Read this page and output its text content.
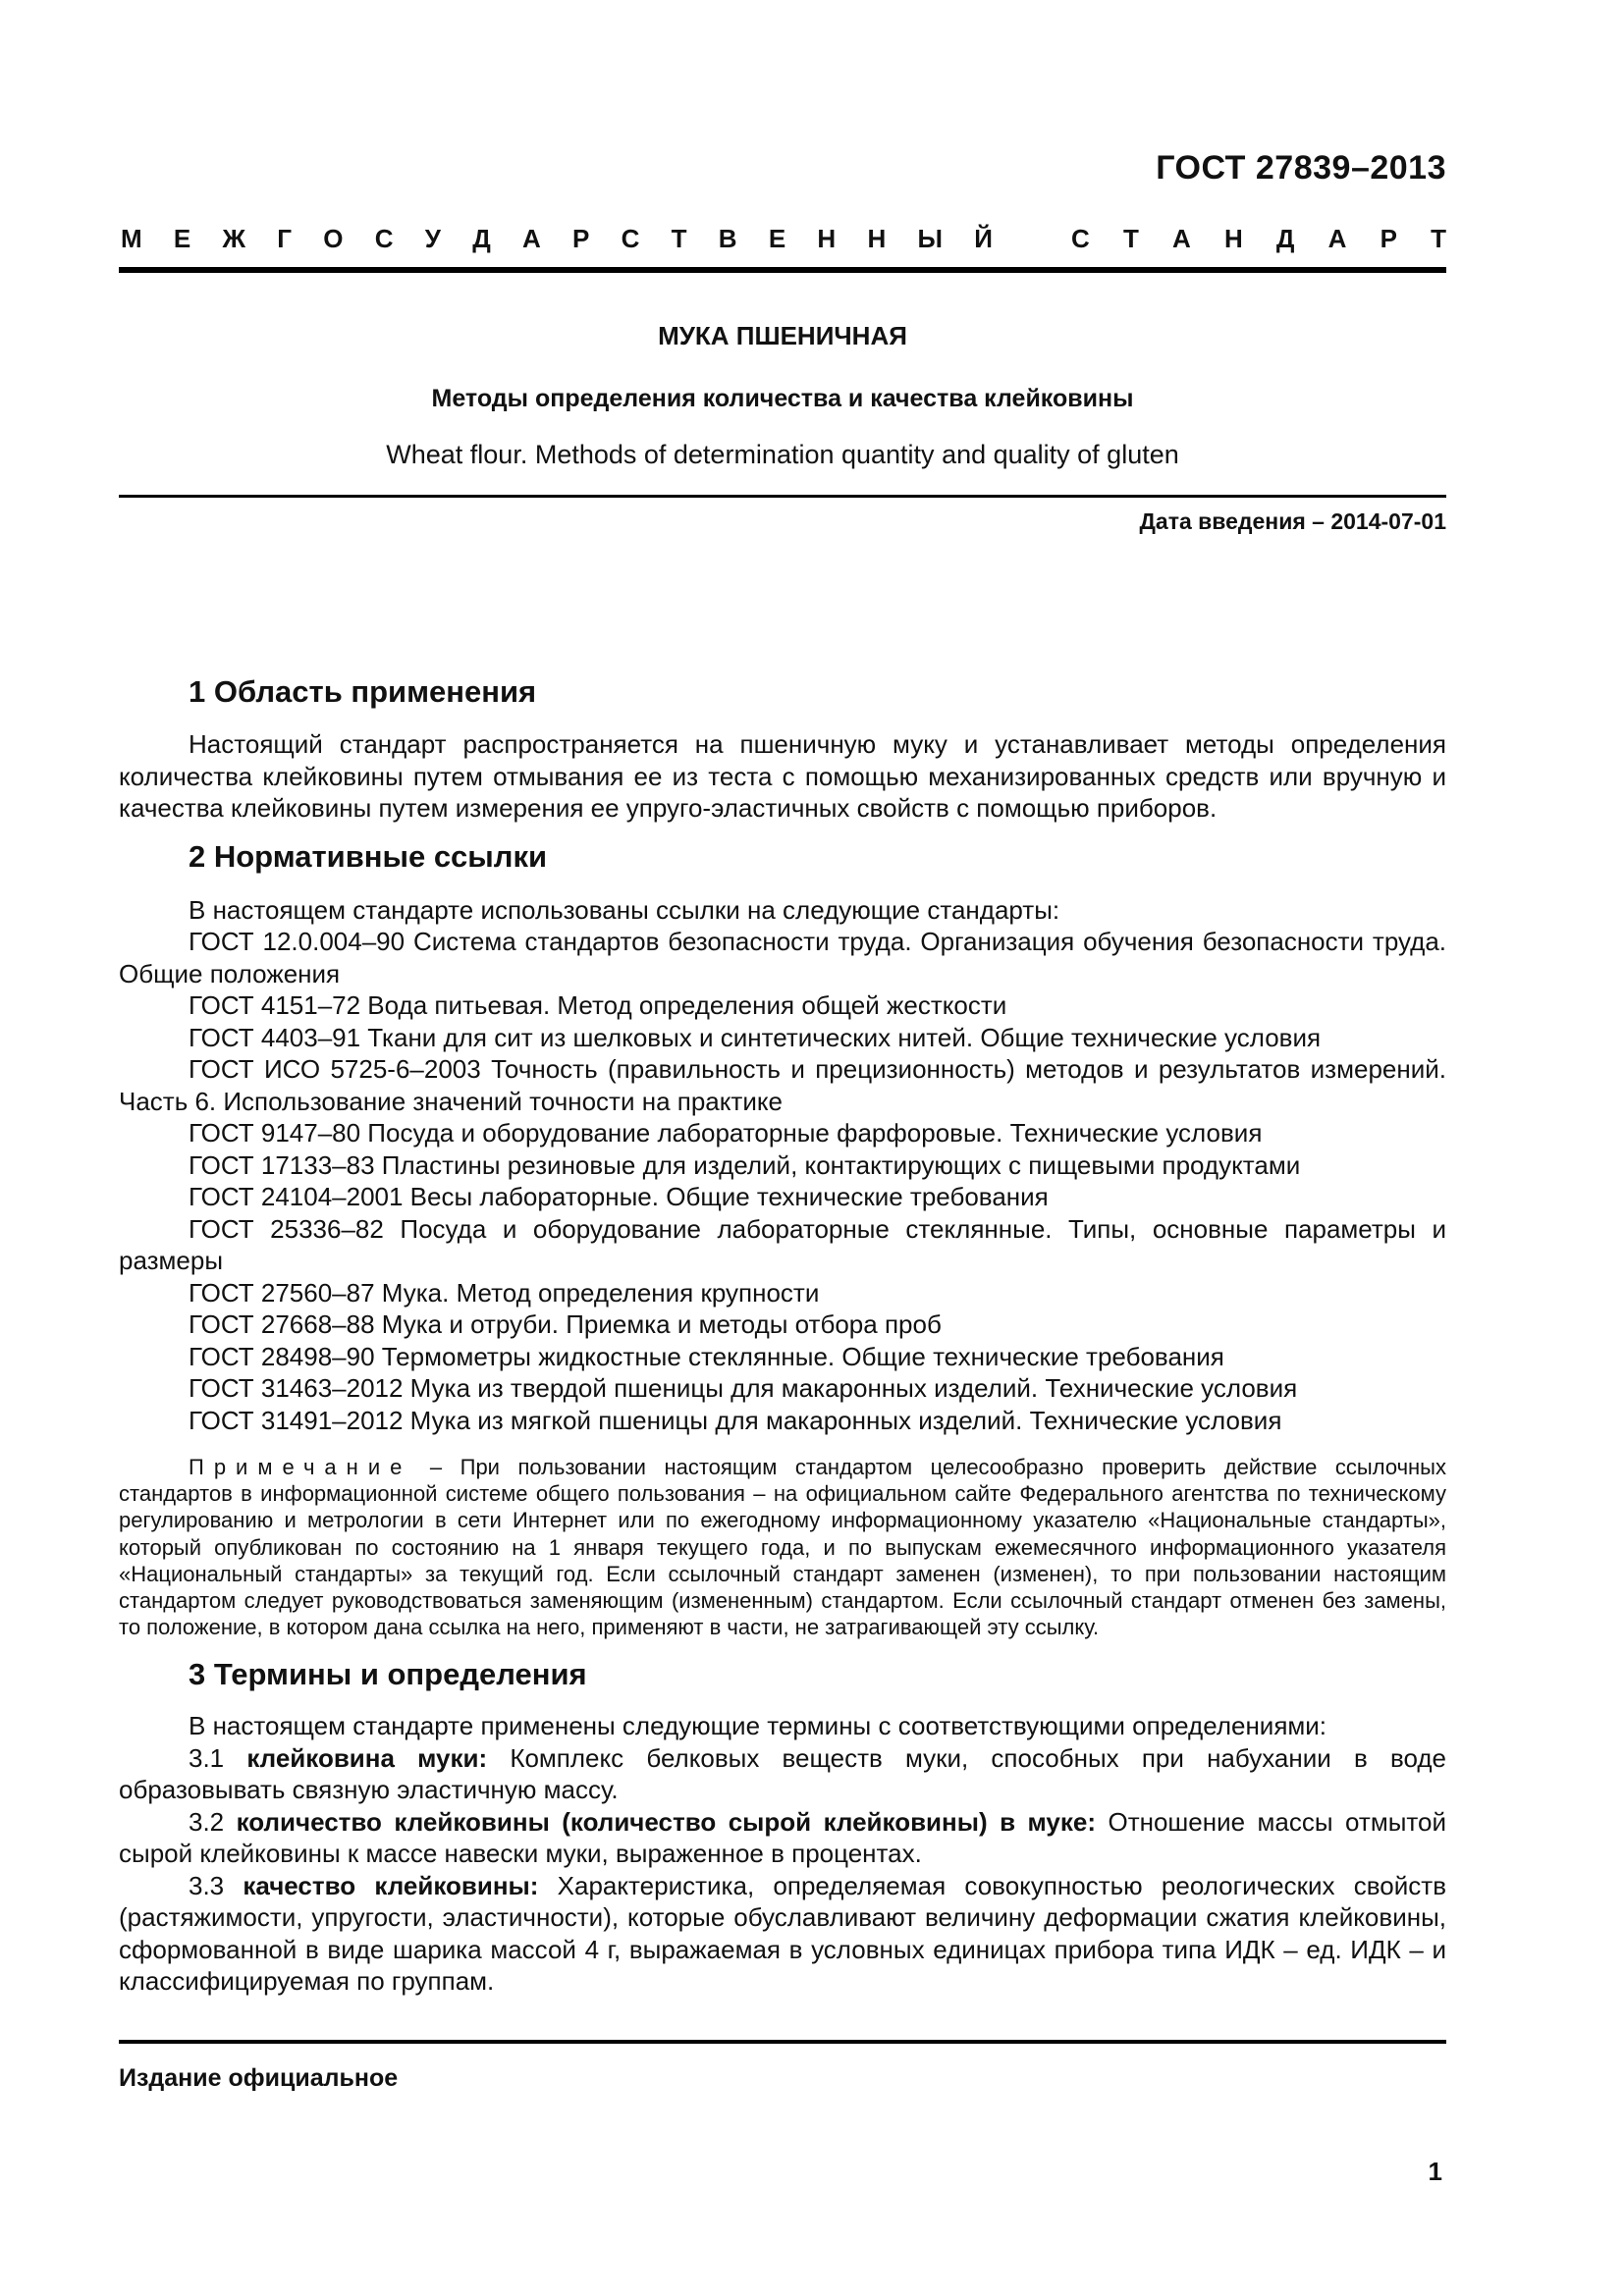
ГОСТ 27839–2013
М Е Ж Г О С У Д А Р С Т В Е Н Н Ы Й	С Т А Н Д А Р Т
МУКА ПШЕНИЧНАЯ
Методы определения количества и качества клейковины
Wheat flour. Methods of determination quantity and quality of gluten
Дата введения – 2014-07-01
1 Область применения

Настоящий стандарт распространяется на пшеничную муку и устанавливает методы определения количества клейковины путем отмывания ее из теста с помощью механизированных средств или вручную и качества клейковины путем измерения ее упруго-эластичных свойств с помощью приборов.

2 Нормативные ссылки

В настоящем стандарте использованы ссылки на следующие стандарты:

ГОСТ 12.0.004–90 Система стандартов безопасности труда. Организация обучения безопасности труда. Общие положения

ГОСТ 4151–72 Вода питьевая. Метод определения общей жесткости

ГОСТ 4403–91 Ткани для сит из шелковых и синтетических нитей. Общие технические условия

ГОСТ ИСО 5725-6–2003 Точность (правильность и прецизионность) методов и результатов измерений. Часть 6. Использование значений точности на практике

ГОСТ 9147–80 Посуда и оборудование лабораторные фарфоровые. Технические условия

ГОСТ 17133–83 Пластины резиновые для изделий, контактирующих с пищевыми продуктами

ГОСТ 24104–2001 Весы лабораторные. Общие технические требования

ГОСТ 25336–82 Посуда и оборудование лабораторные стеклянные. Типы, основные параметры и размеры

ГОСТ 27560–87 Мука. Метод определения крупности

ГОСТ 27668–88 Мука и отруби. Приемка и методы отбора проб

ГОСТ 28498–90 Термометры жидкостные стеклянные. Общие технические требования

ГОСТ 31463–2012 Мука из твердой пшеницы для макаронных изделий. Технические условия

ГОСТ 31491–2012 Мука из мягкой пшеницы для макаронных изделий. Технические условия

Примечание – При пользовании настоящим стандартом целесообразно проверить действие ссылочных стандартов в информационной системе общего пользования – на официальном сайте Федерального агентства по техническому регулированию и метрологии в сети Интернет или по ежегодному информационному указателю «Национальные стандарты», который опубликован по состоянию на 1 января текущего года, и по выпускам ежемесячного информационного указателя «Национальный стандарты» за текущий год. Если ссылочный стандарт заменен (изменен), то при пользовании настоящим стандартом следует руководствоваться заменяющим (измененным) стандартом. Если ссылочный стандарт отменен без замены, то положение, в котором дана ссылка на него, применяют в части, не затрагивающей эту ссылку.

3 Термины и определения

В настоящем стандарте применены следующие термины с соответствующими определениями:

3.1 клейковина муки: Комплекс белковых веществ муки, способных при набухании в воде образовывать связную эластичную массу.

3.2 количество клейковины (количество сырой клейковины) в муке: Отношение массы отмытой сырой клейковины к массе навески муки, выраженное в процентах.

3.3 качество клейковины: Характеристика, определяемая совокупностью реологических свойств (растяжимости, упругости, эластичности), которые обуславливают величину деформации сжатия клейковины, сформованной в виде шарика массой 4 г, выражаемая в условных единицах прибора типа ИДК – ед. ИДК – и классифицируемая по группам.

Издание официальное
1
